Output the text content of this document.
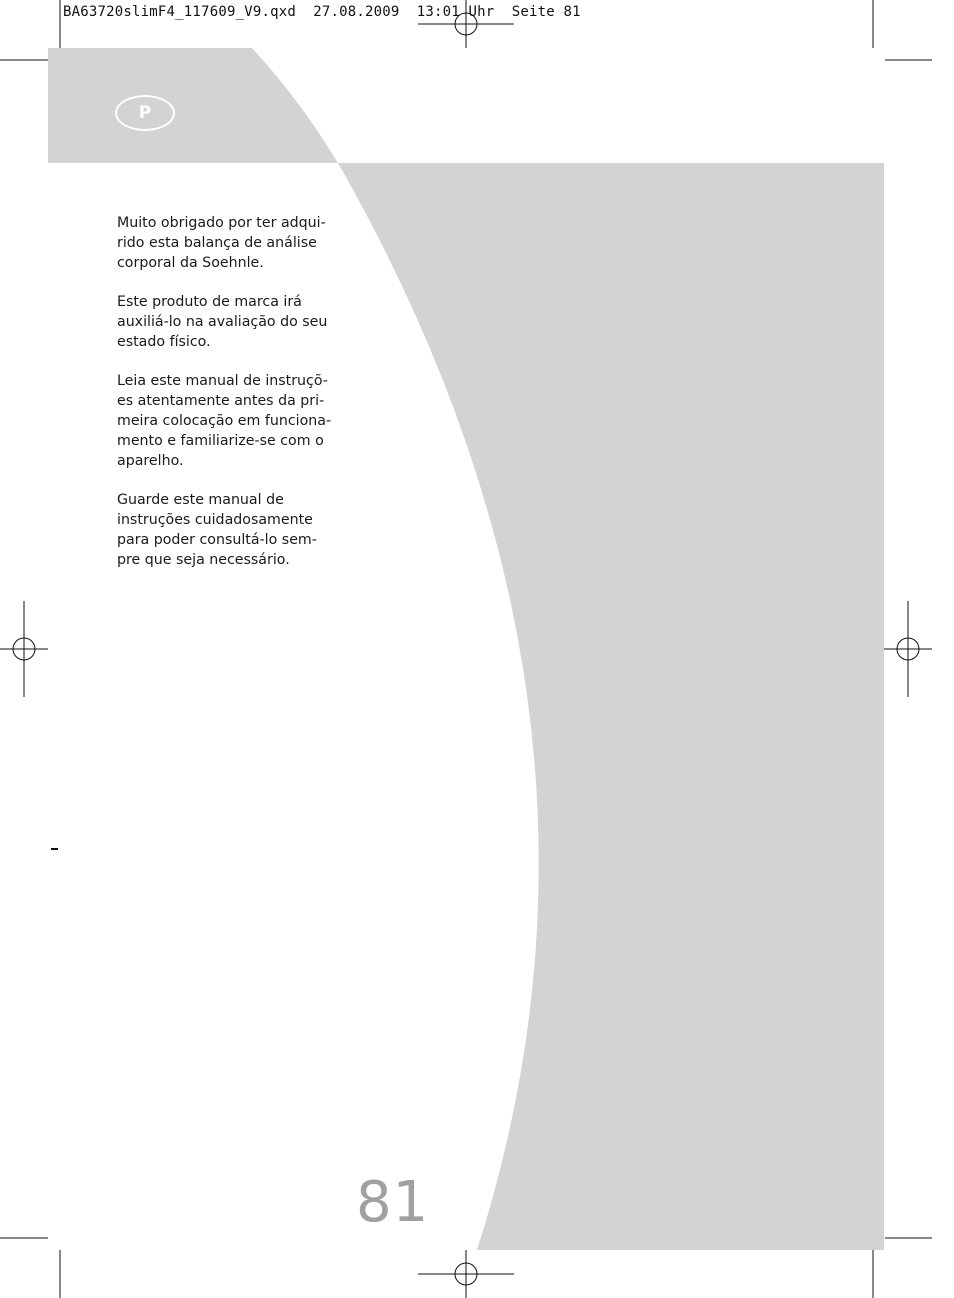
BA63720slimF4_117609_V9.qxd  27.08.2009  13:01 Uhr  Seite 81
P

Muito obrigado por ter adqui-
rido esta balança de análise
corporal da Soehnle.

Este produto de marca irá
auxiliá-lo na avaliação do seu
estado físico.

Leia este manual de instruçõ-
es atentamente antes da pri-
meira colocação em funciona-
mento e familiarize-se com o
aparelho.

Guarde este manual de
instruções cuidadosamente
para poder consultá-lo sem-
pre que seja necessário.

81
